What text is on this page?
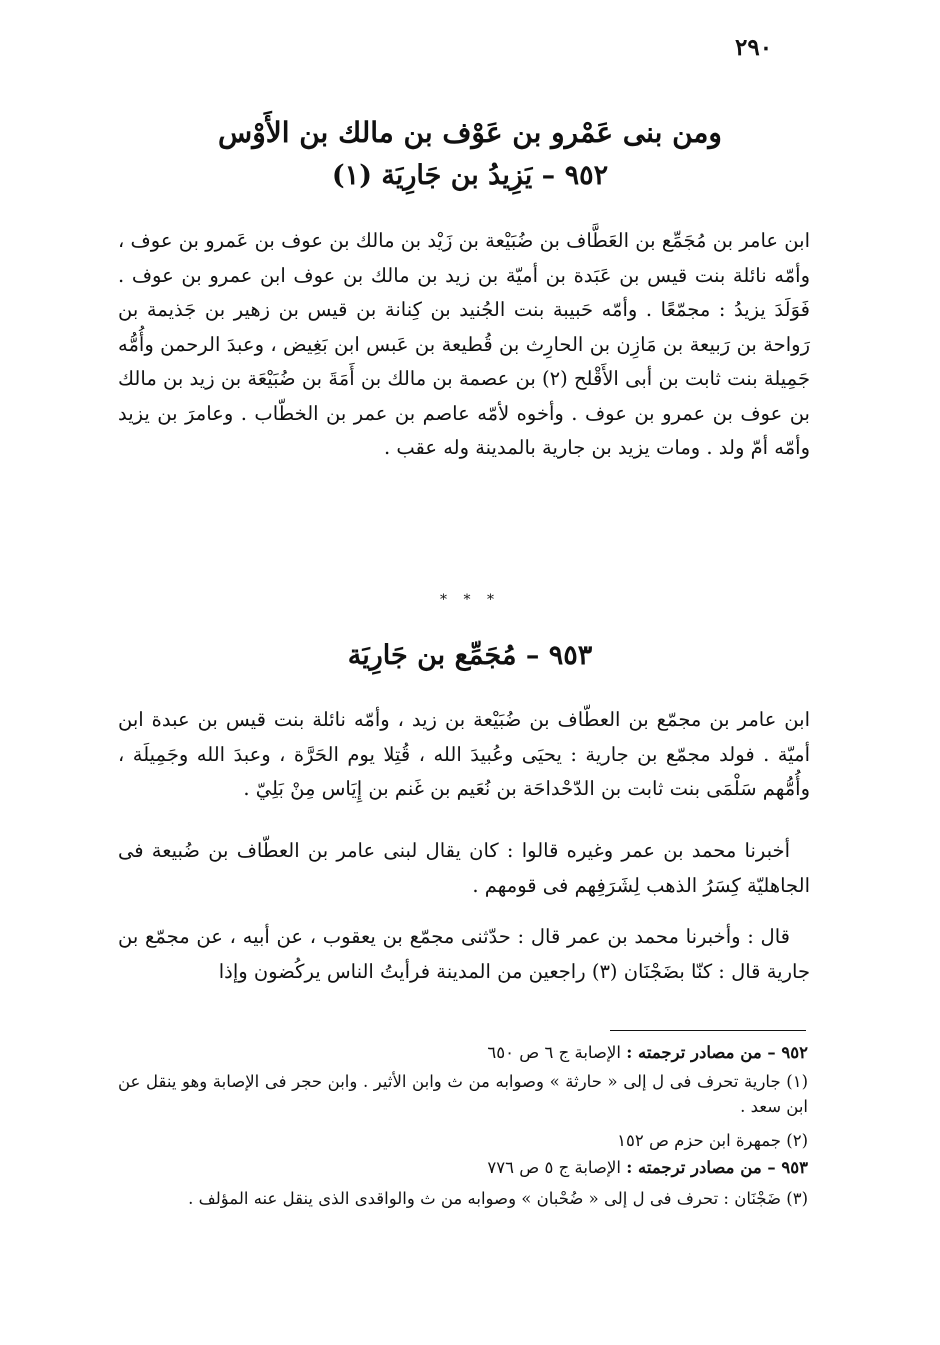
٢٩٠
ومن بنى عَمْرو بن عَوْف بن مالك بن الأَوْس
٩٥٢ – يَزِيدُ بن جَارِيَة (١)

ابن عامر بن مُجَمِّع بن العَطَّاف بن ضُبَيْعة بن زَيْد بن مالك بن عوف بن عَمرو بن عوف ، وأمّه نائلة بنت قيس بن عَبَدة بن أميّة بن زيد بن مالك بن عوف ابن عمرو بن عوف . فَوَلَدَ يزيدُ : مجمّعًا . وأمّه حَبيبة بنت الجُنيد بن كِنانة بن قيس بن زهير بن جَذيمة بن رَواحة بن رَبيعة بن مَازِن بن الحارِث بن قُطيعة بن عَبس ابن بَغِيض ، وعبدَ الرحمن وأُمُّه جَمِيلة بنت ثابت بن أبى الأَقْلح (٢) بن عصمة بن مالك بن أَمَةَ بن ضُبَيْعَة بن زيد بن مالك بن عوف بن عمرو بن عوف . وأخوه لأمّه عاصم بن عمر بن الخطّاب . وعامرَ بن يزيد وأمّه أمّ ولد . ومات يزيد بن جارية بالمدينة وله عقب .

* * *
٩٥٣ – مُجَمِّع بن جَارِيَة

ابن عامر بن مجمّع بن العطّاف بن ضُبَيْعة بن زيد ، وأمّه نائلة بنت قيس بن عبدة ابن أميّة . فولد مجمّع بن جارية : يحيَى وعُبيدَ الله ، قُتِلا يوم الحَرَّة ، وعبدَ الله وجَمِيلَة ، وأُمُّهم سَلْمَى بنت ثابت بن الدّحْداحَة بن نُعَيم بن غَنم بن إِيَاس مِنْ بَلِيّ .

أخبرنا محمد بن عمر وغيره قالوا : كان يقال لبنى عامر بن العطّاف بن ضُبيعة فى الجاهليّة كِسَرُ الذهب لِشَرَفِهم فى قومهم .

قال : وأخبرنا محمد بن عمر قال : حدّثنى مجمّع بن يعقوب ، عن أبيه ، عن مجمّع بن جارية قال : كنّا بضَجْنَان (٣) راجعين من المدينة فرأيتُ الناس يركُضون وإذا

٩٥٢ – من مصادر ترجمته : الإصابة ج ٦ ص ٦٥٠

(١) جارية تحرف فى ل إلى « حارثة » وصوابه من ث وابن الأثير . وابن حجر فى الإصابة وهو ينقل عن ابن سعد .

(٢) جمهرة ابن حزم ص ١٥٢

٩٥٣ – من مصادر ترجمته : الإصابة ج ٥ ص ٧٧٦

(٣) ضَجْنَان : تحرف فى ل إلى « ضُحْبان » وصوابه من ث والواقدى الذى ينقل عنه المؤلف .
